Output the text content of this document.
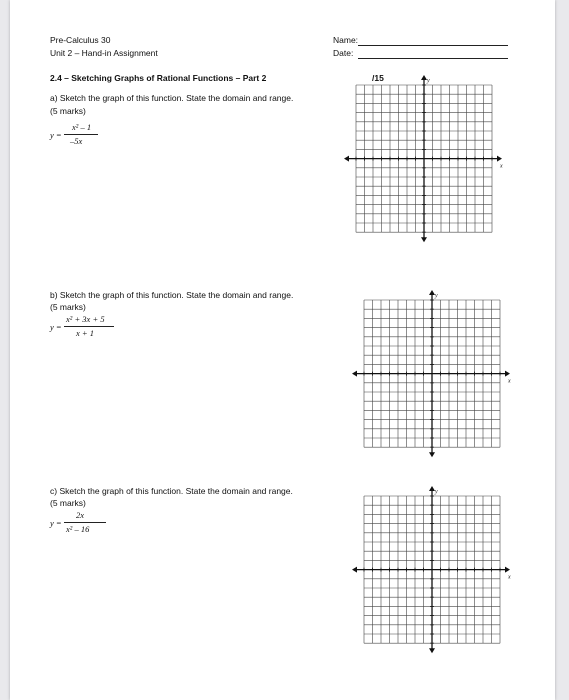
Pre-Calculus 30
Unit 2 – Hand-in Assignment
Name:
Date:
2.4 – Sketching Graphs of Rational Functions – Part 2	/15
a) Sketch the graph of this function. State the domain and range.
(5 marks)
y =
x² – 1
–5x
b) Sketch the graph of this function. State the domain and range.
(5 marks)
y =
x² + 3x + 5
x + 1
c) Sketch the graph of this function. State the domain and range.
(5 marks)
y =
2x
x² – 16
x
y
x
y
x
y
